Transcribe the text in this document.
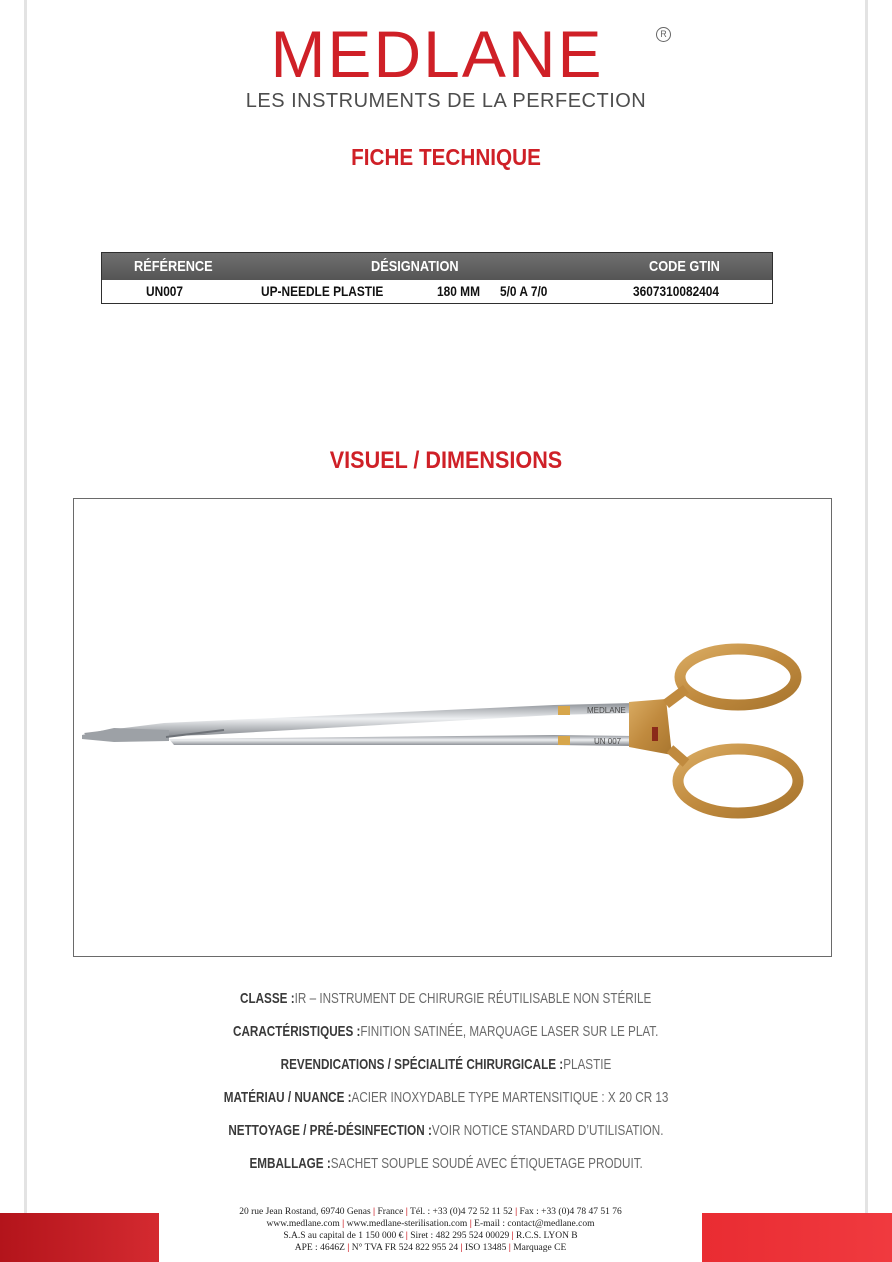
MEDLANE	R
LES INSTRUMENTS DE LA PERFECTION
FICHE TECHNIQUE
RÉFÉRENCE	DÉSIGNATION	CODE GTIN
UN007	UP-NEEDLE PLASTIE	180 MM 5/0 A 7/0	3607310082404
VISUEL / DIMENSIONS
MEDLANE
UN 007
CLASSE :IR – INSTRUMENT DE CHIRURGIE RÉUTILISABLE NON STÉRILE
CARACTÉRISTIQUES :FINITION SATINÉE, MARQUAGE LASER SUR LE PLAT.
REVENDICATIONS / SPÉCIALITÉ CHIRURGICALE :PLASTIE
MATÉRIAU / NUANCE :ACIER INOXYDABLE TYPE MARTENSITIQUE : X 20 CR 13
NETTOYAGE / PRÉ-DÉSINFECTION :VOIR NOTICE STANDARD D’UTILISATION.
EMBALLAGE :SACHET SOUPLE SOUDÉ AVEC ÉTIQUETAGE PRODUIT.
20 rue Jean Rostand, 69740 Genas | France | Tél. : +33 (0)4 72 52 11 52 | Fax : +33 (0)4 78 47 51 76
www.medlane.com | www.medlane-sterilisation.com | E-mail : contact@medlane.com
S.A.S au capital de 1 150 000 € | Siret : 482 295 524 00029 | R.C.S. LYON B
APE : 4646Z | N° TVA FR 524 822 955 24 | ISO 13485 | Marquage CE
